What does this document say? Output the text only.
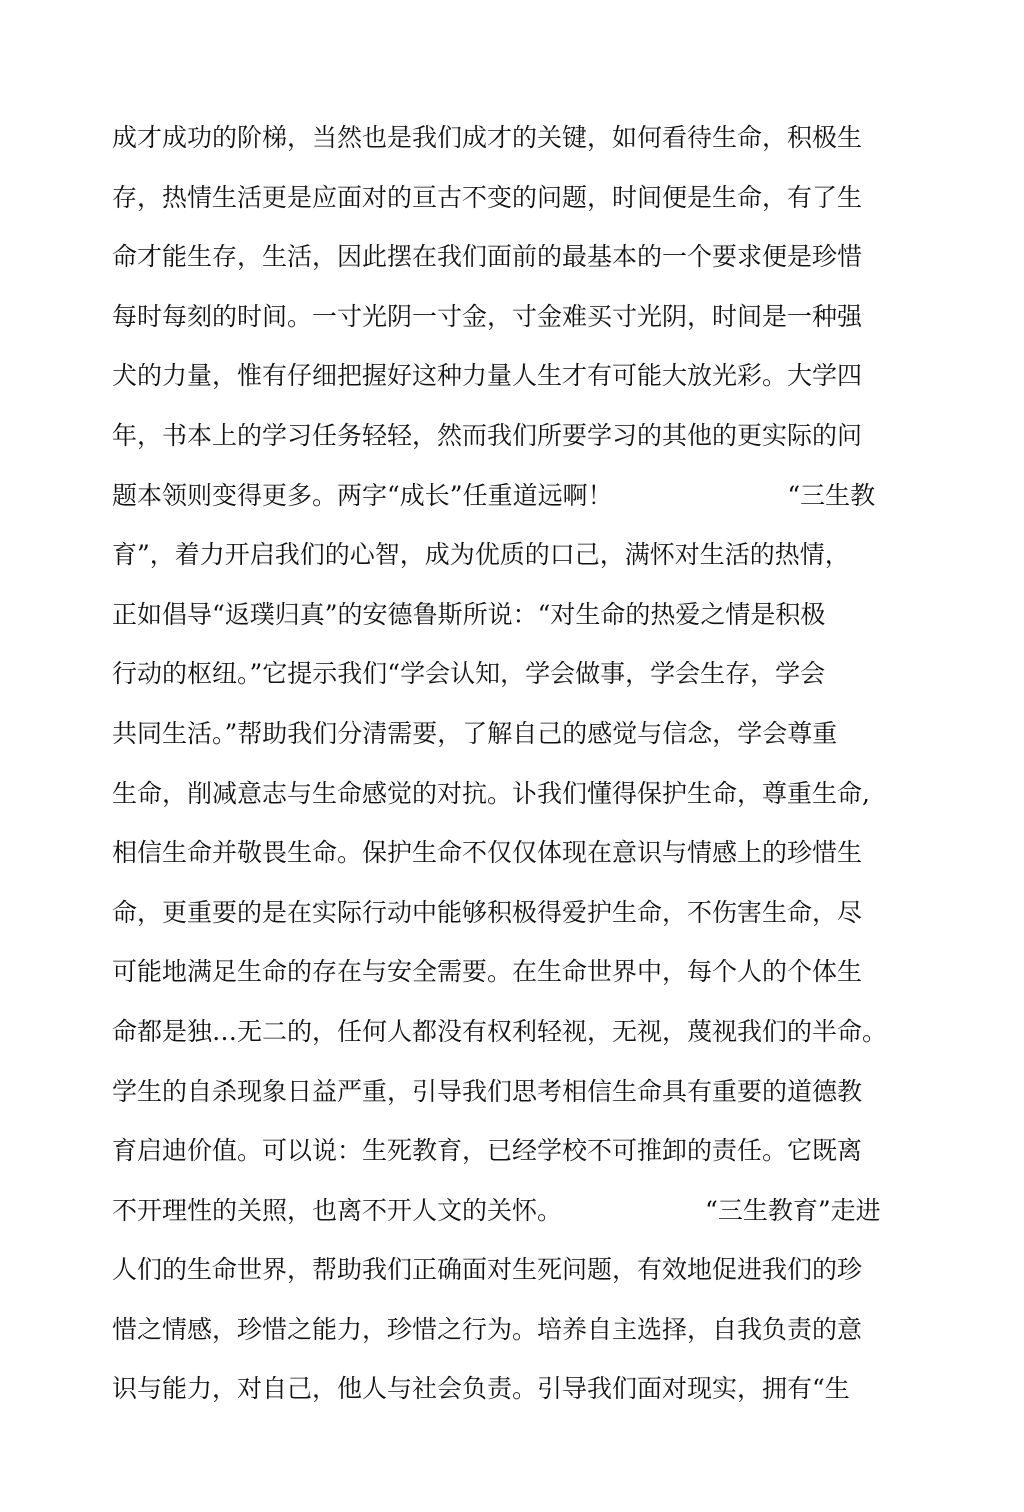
成才成功的阶梯，当然也是我们成才的关键，如何看待生命，积极生
存，热情生活更是应面对的亘古不变的问题，时间便是生命，有了生
命才能生存，生活，因此摆在我们面前的最基本的一个要求便是珍惜
每时每刻的时间。一寸光阴一寸金，寸金难买寸光阴，时间是一种强
犬的力量，惟有仔细把握好这种力量人生才有可能大放光彩。大学四
年，书本上的学习任务轻轻，然而我们所要学习的其他的更实际的问
题本领则变得更多。两字“成长”任重道远啊！                      “三生教
育”，着力开启我们的心智，成为优质的口己，满怀对生活的热情，
正如倡导“返璞归真”的安德鲁斯所说：“对生命的热爱之情是积极
行动的枢纽。”它提示我们“学会认知，学会做事，学会生存，学会
共同生活。”帮助我们分清需要，了解自己的感觉与信念，学会尊重
生命，削减意志与生命感觉的对抗。讣我们懂得保护生命，尊重生命,
相信生命并敬畏生命。保护生命不仅仅体现在意识与情感上的珍惜生
命，更重要的是在实际行动中能够积极得爱护生命，不伤害生命，尽
可能地满足生命的存在与安全需要。在生命世界中，每个人的个体生
命都是独…无二的，任何人都没有权利轻视，无视，蔑视我们的半命。
学生的自杀现象日益严重，引导我们思考相信生命具有重要的道德教
育启迪价值。可以说：生死教育，已经学校不可推卸的责任。它既离
不开理性的关照，也离不开人文的关怀。                  “三生教育”走进
人们的生命世界，帮助我们正确面对生死问题，有效地促进我们的珍
惜之情感，珍惜之能力，珍惜之行为。培养自主选择，自我负责的意
识与能力，对自己，他人与社会负责。引导我们面对现实，拥有“生
